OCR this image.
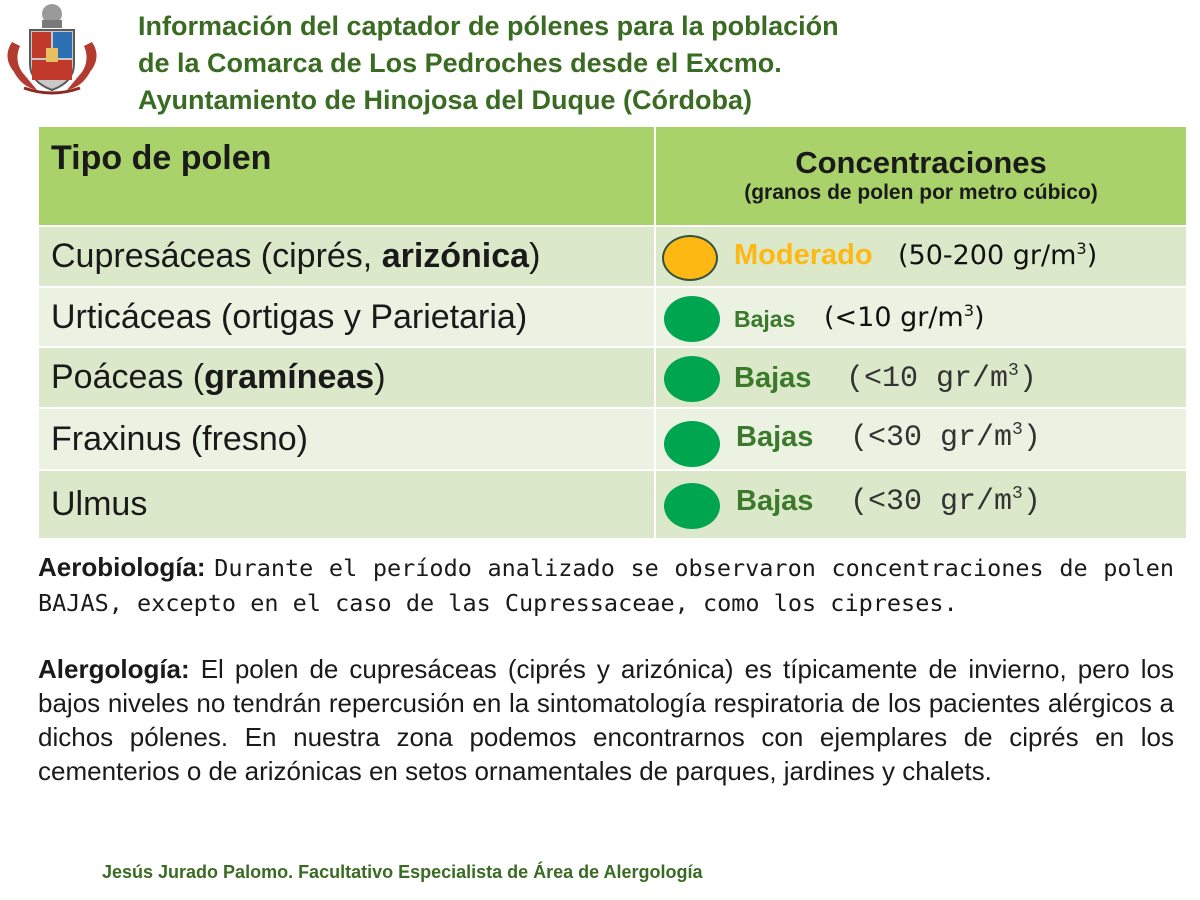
Información del captador de pólenes para la población
de la Comarca de Los Pedroches desde el Excmo.
Ayuntamiento de Hinojosa del Duque (Córdoba)
Tipo de polen	Concentraciones
(granos de polen por metro cúbico)

Cupresáceas (ciprés, arizónica)	Moderado (50-200 $gr/m^3$)

Urticáceas (ortigas y Parietaria)	Bajas (<10 $gr/m^3$)

Poáceas (gramíneas)	Bajas (<10 $gr/m^3$)

Fraxinus (fresno)	Bajas (<30 $gr/m^3$)

Ulmus	Bajas (<30 $gr/m^3$)
Aerobiología: Durante el período analizado se observaron concentraciones de polen BAJAS, excepto en el caso de las Cupressaceae, como los cipreses.
Alergología: El polen de cupresáceas (ciprés y arizónica) es típicamente de invierno, pero los bajos niveles no tendrán repercusión en la sintomatología respiratoria de los pacientes alérgicos a dichos pólenes. En nuestra zona podemos encontrarnos con ejemplares de ciprés en los cementerios o de arizónicas en setos ornamentales de parques, jardines y chalets.
Jesús Jurado Palomo. Facultativo Especialista de Área de Alergología
